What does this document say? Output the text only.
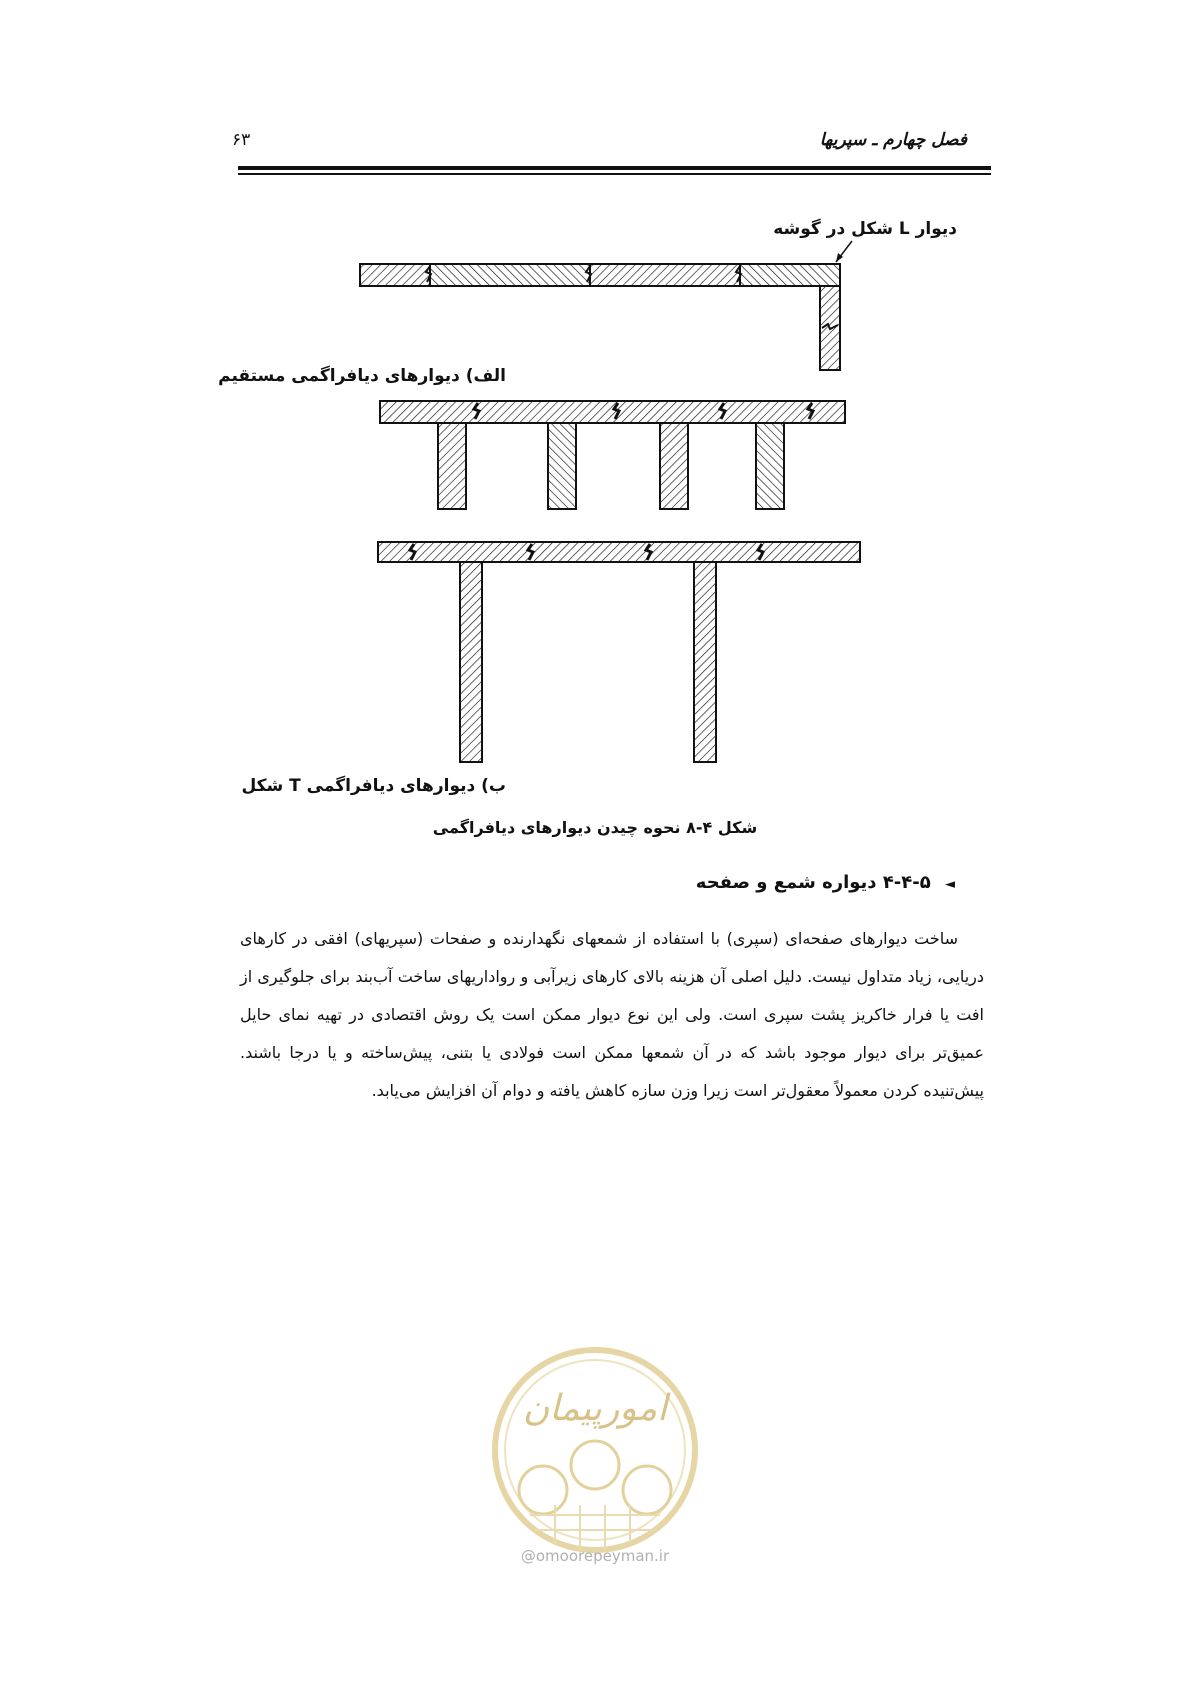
فصل چهارم ـ سپریها
۶۳
دیوار L شکل در گوشه
الف) دیوارهای دیافراگمی مستقیم
ب) دیوارهای دیافراگمی T شکل
شکل ۴-۸ نحوه چیدن دیوارهای دیافراگمی
◄ ۴-۴-۵ دیواره شمع و صفحه

ساخت دیوارهای صفحه‌ای (سپری) با استفاده از شمعهای نگهدارنده و صفحات (سپریهای) افقی در کارهای دریایی، زیاد متداول نیست. دلیل اصلی آن هزینه بالای کارهای زیرآبی و رواداریهای ساخت آب‌بند برای جلوگیری از افت یا فرار خاکریز پشت سپری است. ولی این نوع دیوار ممکن است یک روش اقتصادی در تهیه نمای حایل عمیق‌تر برای دیوار موجود باشد که در آن شمعها ممکن است فولادی یا بتنی، پیش‌ساخته و یا درجا باشند. پیش‌تنیده کردن معمولاً معقول‌تر است زیرا وزن سازه کاهش یافته و دوام آن افزایش می‌یابد.

امورپیمان
@omoorepeyman.ir
